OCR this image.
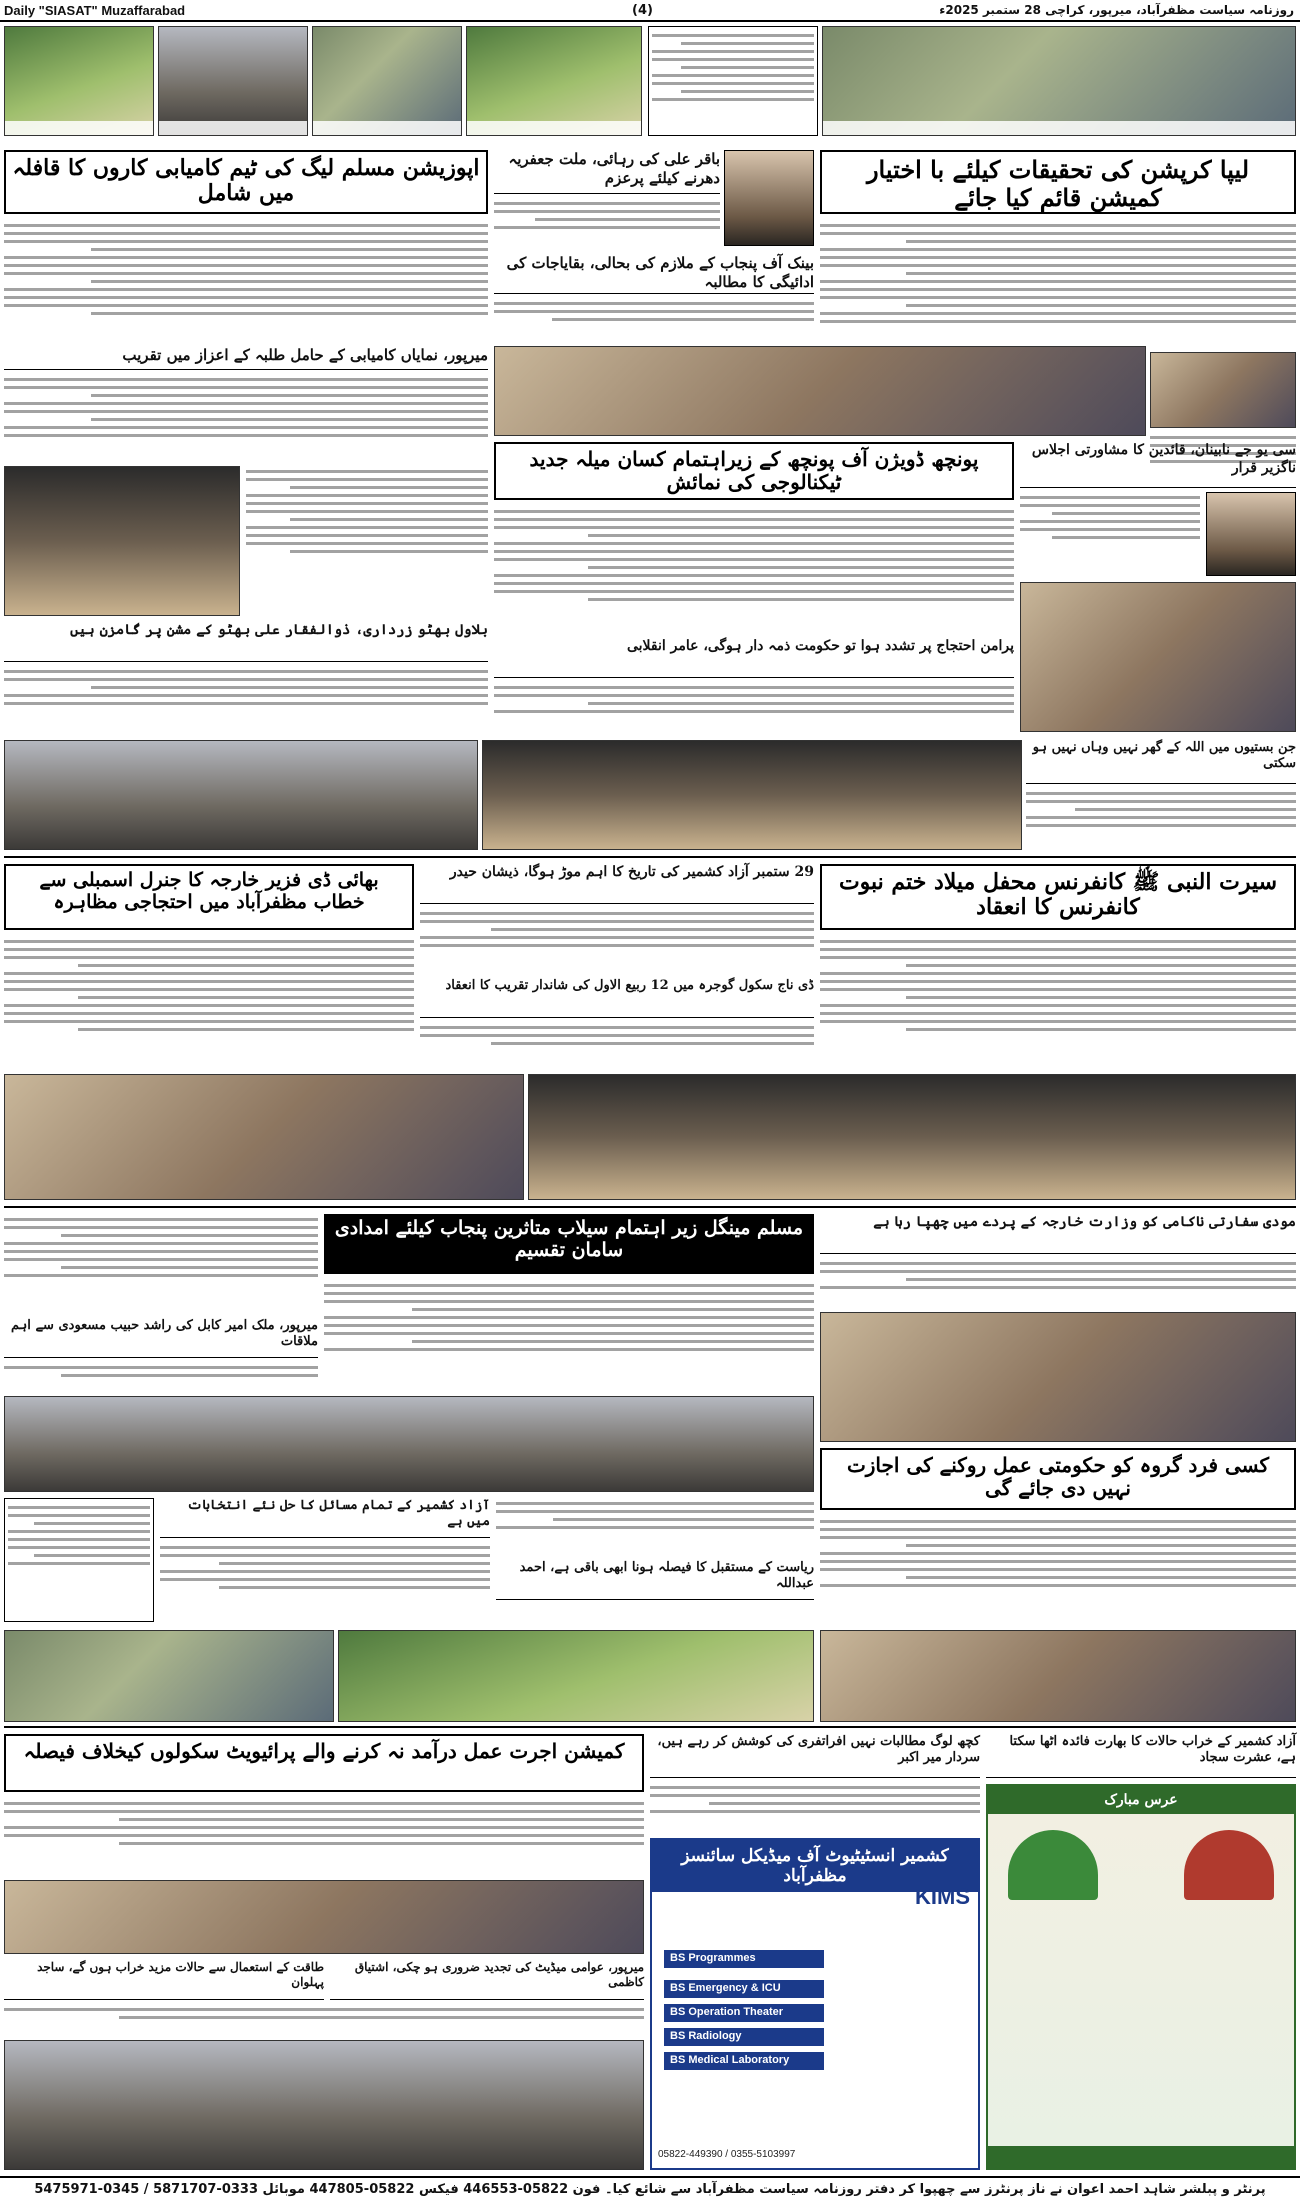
Daily "SIASAT" Muzaffarabad	(4)	روزنامہ سیاست مظفرآباد، میرپور، کراچی 28 ستمبر 2025ء
لیپا کرپشن کی تحقیقات کیلئے با اختیار کمیشن قائم کیا جائے
اپوزیشن مسلم لیگ کی ٹیم کامیابی کاروں کا قافلہ میں شامل
باقر علی کی رہائی، ملت جعفریہ دھرنے کیلئے پرعزم
بینک آف پنجاب کے ملازم کی بحالی، بقایاجات کی ادائیگی کا مطالبہ
میرپور، نمایاں کامیابی کے حامل طلبہ کے اعزاز میں تقریب
پونچھ ڈویژن آف پونچھ کے زیراہتمام کسان میلہ جدید ٹیکنالوجی کی نمائش
سی یو جے نابینان، قائدین کا مشاورتی اجلاس ناگزیر قرار
بلاول بھٹو زرداری، ذوالفقار علی بھٹو کے مشن پر گامزن ہیں
پرامن احتجاج پر تشدد ہوا تو حکومت ذمہ دار ہوگی، عامر انقلابی
جن بستیوں میں اللہ کے گھر نہیں وہاں نہیں ہو سکتی
سیرت النبی ﷺ کانفرنس محفل میلاد ختم نبوت کانفرنس کا انعقاد
بھائی ڈی فزیر خارجہ کا جنرل اسمبلی سے خطاب مظفرآباد میں احتجاجی مظاہرہ
29 ستمبر آزاد کشمیر کی تاریخ کا اہم موڑ ہوگا، ذیشان حیدر
ڈی ناج سکول گوجرہ میں 12 ربیع الاول کی شاندار تقریب کا انعقاد
مودی سفارتی ناکامی کو وزارت خارجہ کے پردے میں چھپا رہا ہے
مسلم مینگل زیر اہتمام سیلاب متاثرین پنجاب کیلئے امدادی سامان تقسیم
میرپور، ملک امیر کابل کی راشد حبیب مسعودی سے اہم ملاقات
کسی فرد گروہ کو حکومتی عمل روکنے کی اجازت نہیں دی جائے گی
آزاد کشمیر کے تمام مسائل کا حل نئے انتخابات میں ہے
ریاست کے مستقبل کا فیصلہ ہونا ابھی باقی ہے، احمد عبداللہ
کمیشن اجرت عمل درآمد نہ کرنے والے پرائیویٹ سکولوں کیخلاف فیصلہ	کچھ لوگ مطالبات نہیں افراتفری کی کوشش کر رہے ہیں، سردار میر اکبر
آزاد کشمیر کے خراب حالات کا بھارت فائدہ اٹھا سکتا ہے، عشرت سجاد
میرپور، عوامی میڈیٹ کی تجدید ضروری ہو چکی، اشتیاق کاظمی
طاقت کے استعمال سے حالات مزید خراب ہوں گے، ساجد پہلوان
کشمیر انسٹیٹیوٹ آف میڈیکل سائنسز مظفرآباد
KIMS
BS Programmes
BS Emergency & ICU
BS Operation Theater
BS Radiology
BS Medical Laboratory
05822-449390 / 0355-5103997
عرس مبارک
پرنٹر و پبلشر شاہد احمد اعوان نے ناز پرنٹرز سے چھپوا کر دفتر روزنامہ سیاست مظفرآباد سے شائع کیا۔ فون 05822-446553 فیکس 05822-447805 موبائل 0333-5871707 / 0345-5475971
